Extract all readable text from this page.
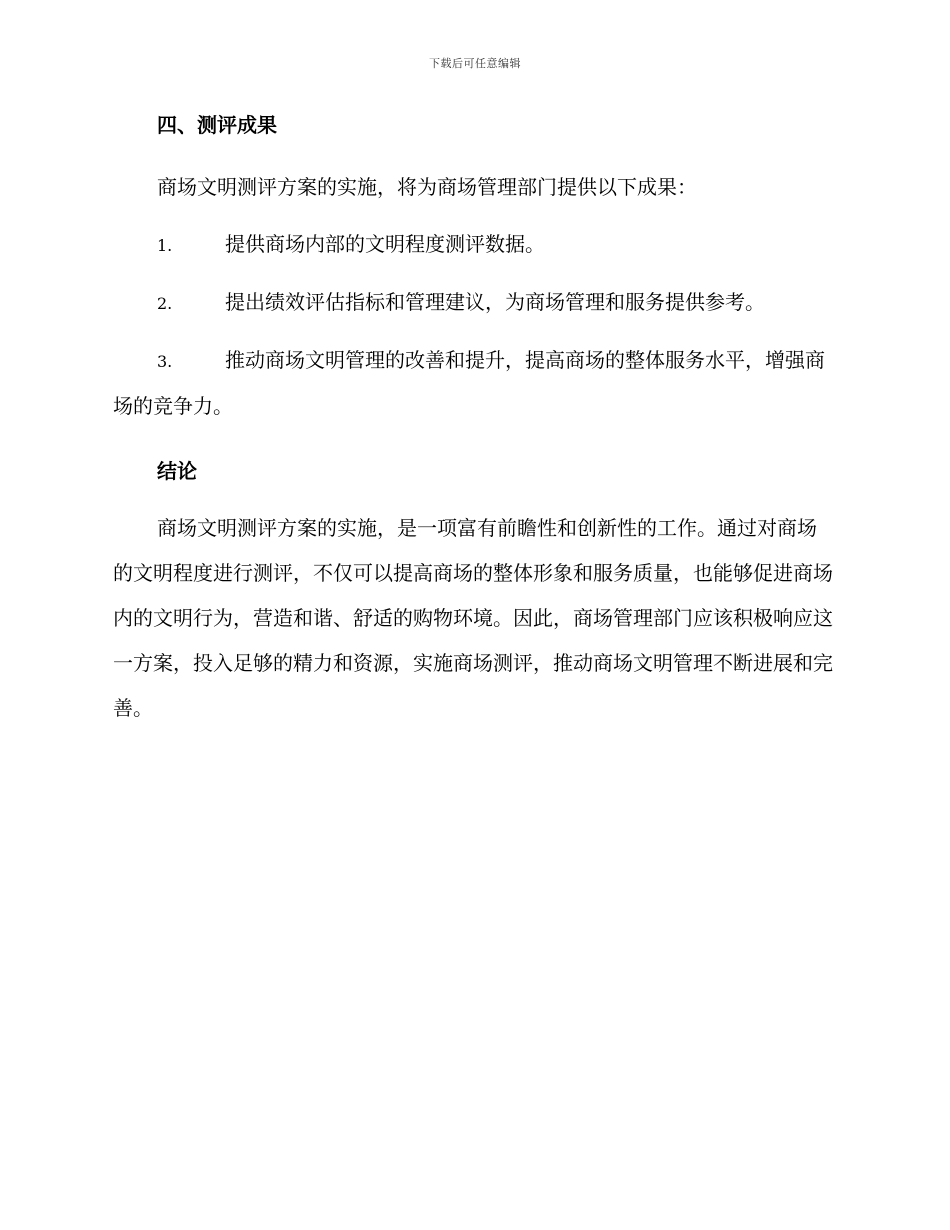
下载后可任意编辑
四、测评成果

商场文明测评方案的实施，将为商场管理部门提供以下成果：

1.	提供商场内部的文明程度测评数据。

2.	提出绩效评估指标和管理建议，为商场管理和服务提供参考。

3.	推动商场文明管理的改善和提升，提高商场的整体服务水平，增强商场的竞争力。

结论

商场文明测评方案的实施，是一项富有前瞻性和创新性的工作。通过对商场的文明程度进行测评，不仅可以提高商场的整体形象和服务质量，也能够促进商场内的文明行为，营造和谐、舒适的购物环境。因此，商场管理部门应该积极响应这一方案，投入足够的精力和资源，实施商场测评，推动商场文明管理不断进展和完善。
